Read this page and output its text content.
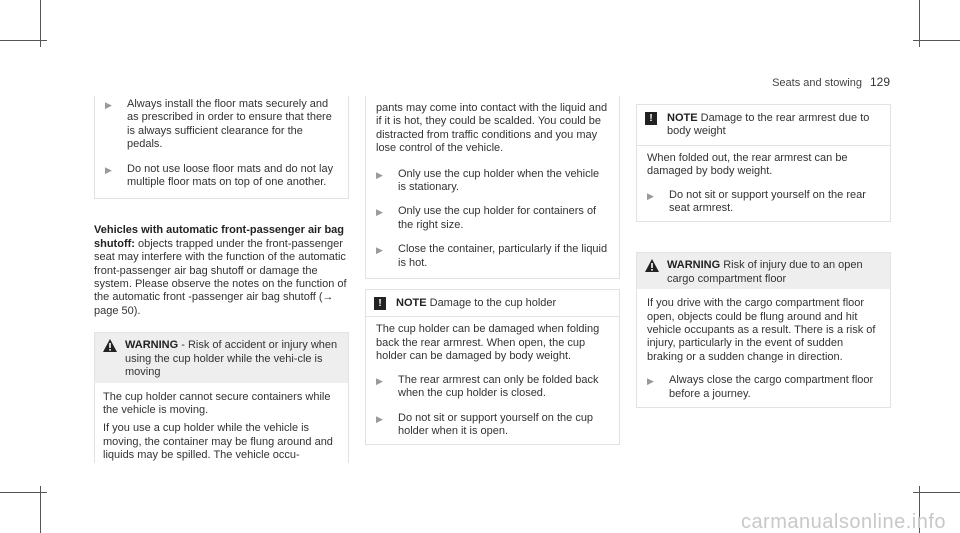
Seats and stowing 129
▶	Always install the floor mats securely and as prescribed in order to ensure that there is always sufficient clearance for the pedals.
▶	Do not use loose floor mats and do not lay multiple floor mats on top of one another.
Vehicles with automatic front-passenger air bag shutoff: objects trapped under the front-passenger seat may interfere with the function of the automatic front-passenger air bag shutoff or damage the system. Please observe the notes on the function of the automatic front -passenger air bag shutoff (→ page 50).
WARNING - Risk of accident or injury when using the cup holder while the vehi-cle is moving
The cup holder cannot secure containers while the vehicle is moving.
If you use a cup holder while the vehicle is moving, the container may be flung around and liquids may be spilled. The vehicle occu-
pants may come into contact with the liquid and if it is hot, they could be scalded. You could be distracted from traffic conditions and you may lose control of the vehicle.
▶	Only use the cup holder when the vehicle is stationary.
▶	Only use the cup holder for containers of the right size.
▶	Close the container, particularly if the liquid is hot.
!	NOTE Damage to the cup holder
The cup holder can be damaged when folding back the rear armrest. When open, the cup holder can be damaged by body weight.
▶	The rear armrest can only be folded back when the cup holder is closed.
▶	Do not sit or support yourself on the cup holder when it is open.
!	NOTE Damage to the rear armrest due to body weight
When folded out, the rear armrest can be damaged by body weight.
▶	Do not sit or support yourself on the rear seat armrest.
WARNING Risk of injury due to an open cargo compartment floor
If you drive with the cargo compartment floor open, objects could be flung around and hit vehicle occupants as a result. There is a risk of injury, particularly in the event of sudden braking or a sudden change in direction.
▶	Always close the cargo compartment floor before a journey.
carmanualsonline.info
